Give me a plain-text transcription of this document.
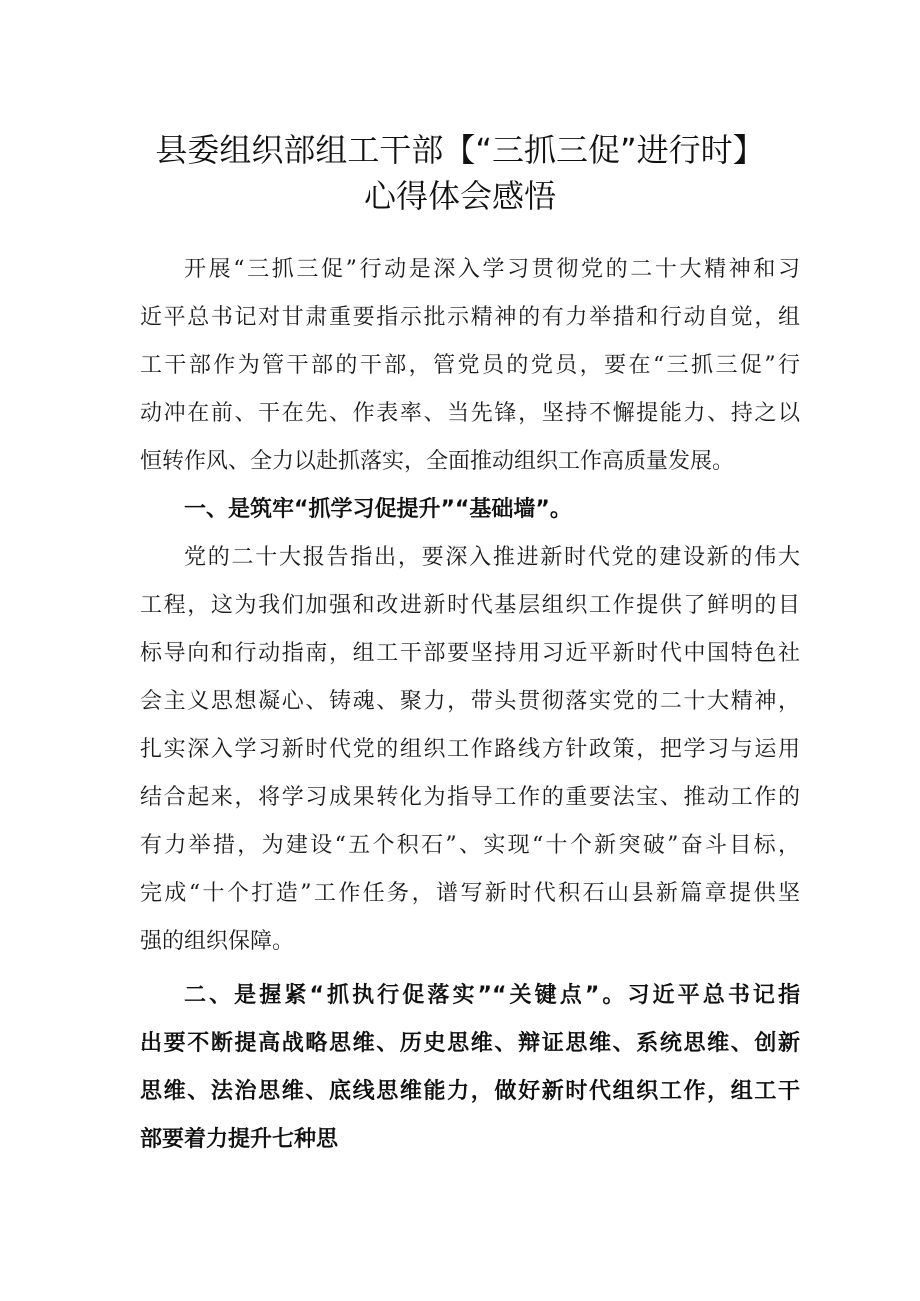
县委组织部组工干部【“三抓三促”进行时】
心得体会感悟
开展“三抓三促”行动是深入学习贯彻党的二十大精神和习
近平总书记对甘肃重要指示批示精神的有力举措和行动自觉，组
工干部作为管干部的干部，管党员的党员，要在“三抓三促”行
动冲在前、干在先、作表率、当先锋，坚持不懈提能力、持之以
恒转作风、全力以赴抓落实，全面推动组织工作高质量发展。
一、是筑牢“抓学习促提升”“基础墙”。
党的二十大报告指出，要深入推进新时代党的建设新的伟大
工程，这为我们加强和改进新时代基层组织工作提供了鲜明的目
标导向和行动指南，组工干部要坚持用习近平新时代中国特色社
会主义思想凝心、铸魂、聚力，带头贯彻落实党的二十大精神，
扎实深入学习新时代党的组织工作路线方针政策，把学习与运用
结合起来，将学习成果转化为指导工作的重要法宝、推动工作的
有力举措，为建设“五个积石”、实现“十个新突破”奋斗目标，
完成“十个打造”工作任务，谱写新时代积石山县新篇章提供坚
强的组织保障。
二、是握紧“抓执行促落实”“关键点”。习近平总书记指
出要不断提高战略思维、历史思维、辩证思维、系统思维、创新
思维、法治思维、底线思维能力，做好新时代组织工作，组工干
部要着力提升七种思
